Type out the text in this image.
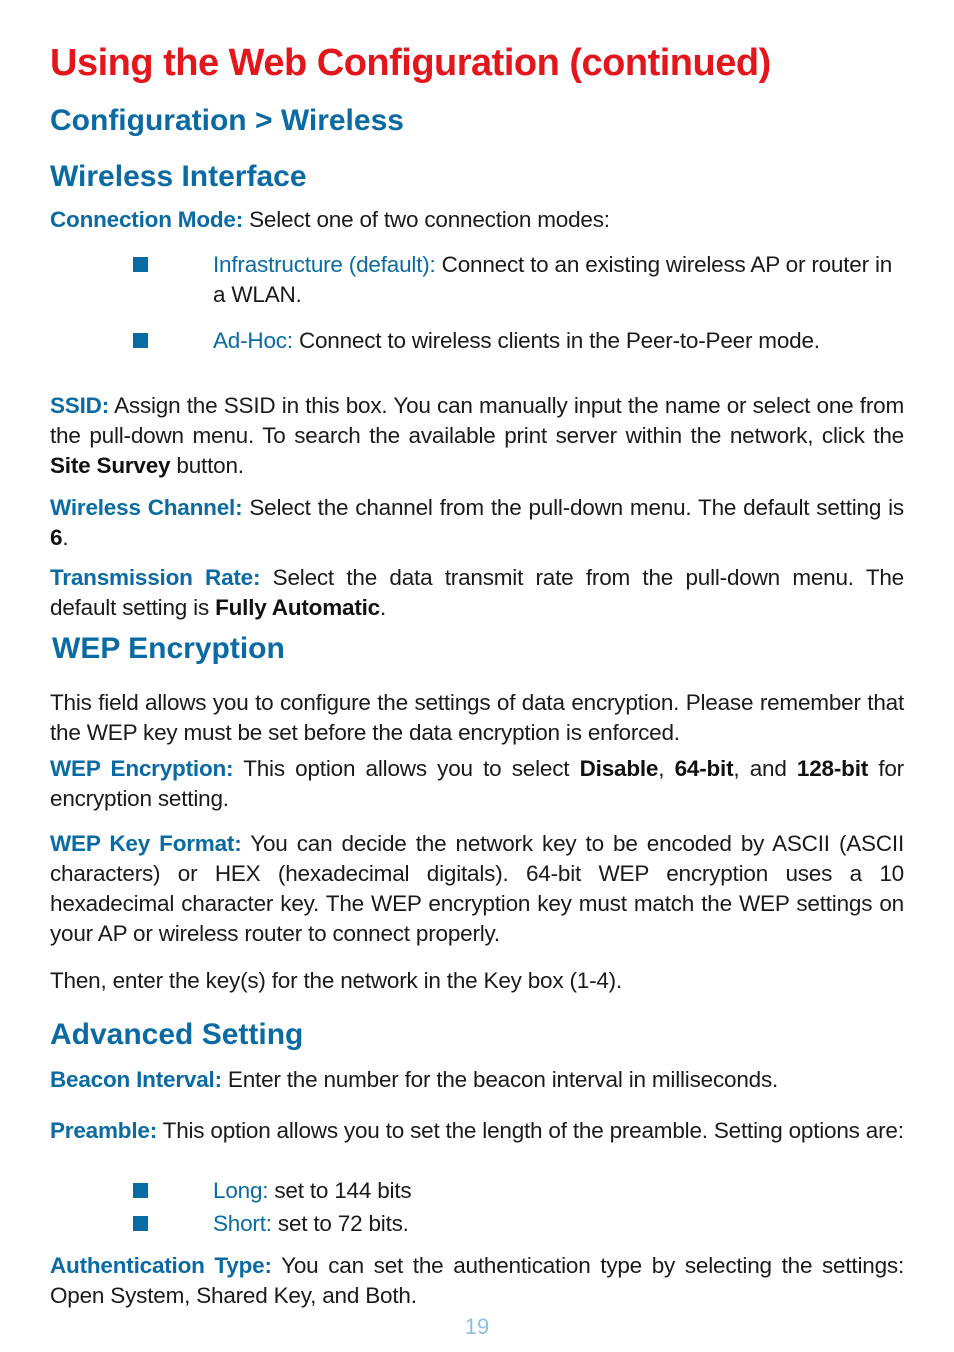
Using the Web Configuration (continued)
Configuration > Wireless
Wireless Interface

Connection Mode: Select one of two connection modes:

Infrastructure (default): Connect to an existing wireless AP or router in a WLAN.

Ad-Hoc: Connect to wireless clients in the Peer-to-Peer mode.

SSID: Assign the SSID in this box. You can manually input the name or select one from the pull-down menu. To search the available print server within the network, click the Site Survey button.

Wireless Channel: Select the channel from the pull-down menu. The default setting is 6.

Transmission Rate: Select the data transmit rate from the pull-down menu. The default setting is Fully Automatic.

WEP Encryption

This field allows you to configure the settings of data encryption. Please remember that the WEP key must be set before the data encryption is enforced.

WEP Encryption: This option allows you to select Disable, 64-bit, and 128-bit for encryption setting.

WEP Key Format: You can decide the network key to be encoded by ASCII (ASCII characters) or HEX (hexadecimal digitals). 64-bit WEP encryption uses a 10 hexadecimal character key. The WEP encryption key must match the WEP settings on your AP or wireless router to connect properly.

Then, enter the key(s) for the network in the Key box (1-4).

Advanced Setting

Beacon Interval: Enter the number for the beacon interval in milliseconds.

Preamble: This option allows you to set the length of the preamble. Setting options are:

Long: set to 144 bits

Short: set to 72 bits.

Authentication Type: You can set the authentication type by selecting the settings: Open System, Shared Key, and Both.

19
